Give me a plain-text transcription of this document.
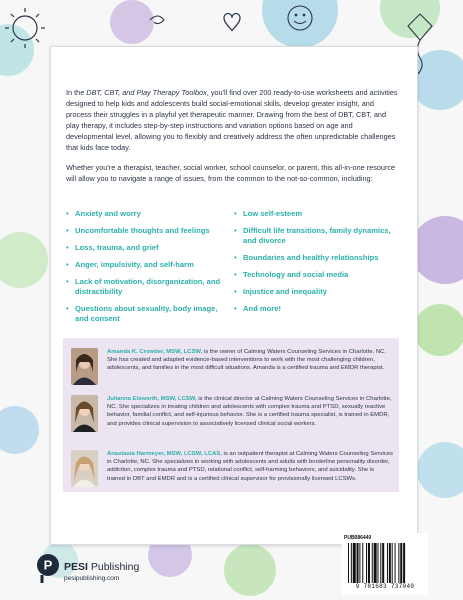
In the DBT, CBT, and Play Therapy Toolbox, you'll find over 200 ready-to-use worksheets and activities designed to help kids and adolescents build social-emotional skills, develop greater insight, and process their struggles in a playful yet therapeutic manner. Drawing from the best of DBT, CBT, and play therapy, it includes step-by-step instructions and variation options based on age and developmental level, allowing you to flexibly and creatively address the often unpredictable challenges that kids face today.

Whether you're a therapist, teacher, social worker, school counselor, or parent, this all-in-one resource will allow you to navigate a range of issues, from the common to the not-so-common, including:

• Anxiety and worry
• Uncomfortable thoughts and feelings
• Loss, trauma, and grief
• Anger, impulsivity, and self-harm
• Lack of motivation, disorganization, and distractibility
• Questions about sexuality, body image, and consent
• Low self-esteem
• Difficult life transitions, family dynamics, and divorce
• Boundaries and healthy relationships
• Technology and social media
• Injustice and inequality
• And more!

Amanda K. Crowder, MSW, LCSW, is the owner of Calming Waters Counseling Services in Charlotte, NC. She has created and adapted evidence-based interventions to work with the most challenging children, adolescents, and families in the most difficult situations. Amanda is a certified trauma and EMDR therapist.

Julianna Elsworth, MSW, LCSW, is the clinical director at Calming Waters Counseling Services in Charlotte, NC. She specializes in treating children and adolescents with complex trauma and PTSD, sexually reactive behavior, familial conflict, and self-injurious behavior. She is a certified trauma specialist, is trained in EMDR, and provides clinical supervision to associatively licensed clinical social workers.

Anastasia Harmeyer, MSW, LCSW, LCAS, is an outpatient therapist at Calming Waters Counseling Services in Charlotte, NC. She specializes in working with adolescents and adults with borderline personality disorder, addiction, complex trauma and PTSD, relational conflict, self-harming behaviors, and suicidality. She is trained in DBT and EMDR and is a certified clinical supervisor for provisionally licensed LCSWs.

P PESI Publishing
pesipublishing.com
PUB086440
9 781683 737049
